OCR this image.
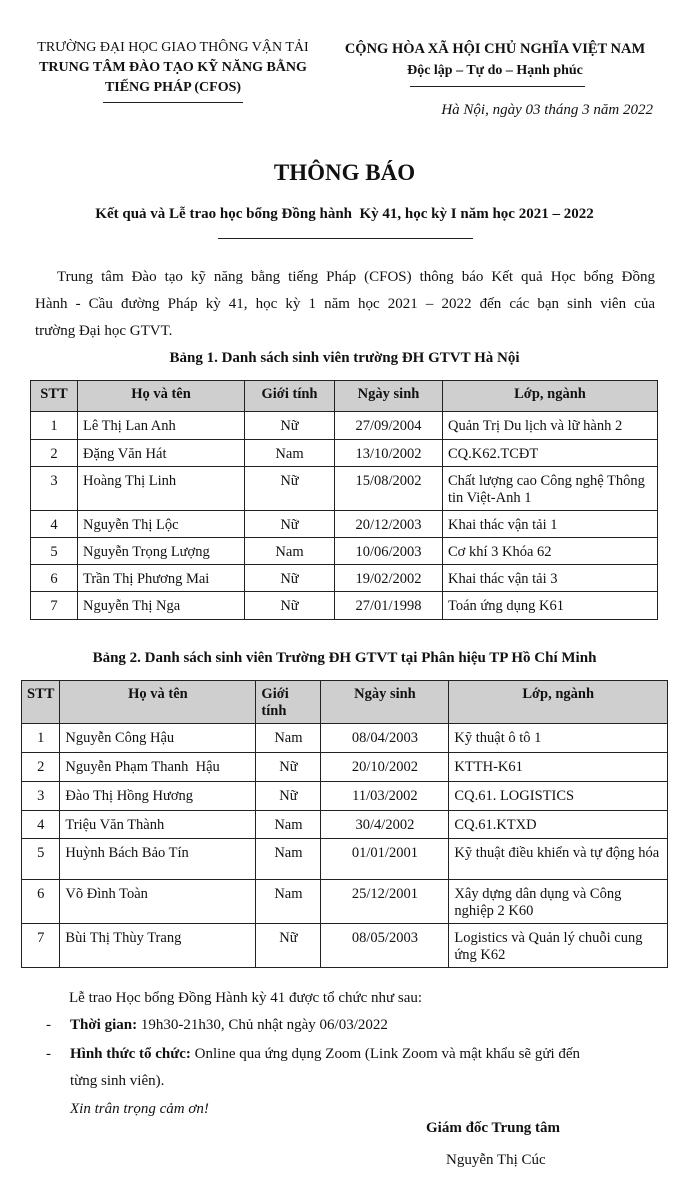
TRƯỜNG ĐẠI HỌC GIAO THÔNG VẬN TẢI
TRUNG TÂM ĐÀO TẠO KỸ NĂNG BẰNG
TIẾNG PHÁP (CFOS)
CỘNG HÒA XÃ HỘI CHỦ NGHĨA VIỆT NAM
Độc lập – Tự do – Hạnh phúc
Hà Nội, ngày 03 tháng 3 năm 2022
THÔNG BÁO
Kết quả và Lễ trao học bổng Đồng hành  Kỳ 41, học kỳ I năm học 2021 – 2022
Trung tâm Đào tạo kỹ năng bằng tiếng Pháp (CFOS) thông báo Kết quả Học bổng Đồng
Hành - Cầu đường Pháp kỳ 41, học kỳ 1 năm học 2021 – 2022 đến các bạn sinh viên của
trường Đại học GTVT.
Bảng 1. Danh sách sinh viên trường ĐH GTVT Hà Nội
STT	Họ và tên	Giới tính	Ngày sinh	Lớp, ngành
1	Lê Thị Lan Anh	Nữ	27/09/2004	Quản Trị Du lịch và lữ hành 2
2	Đặng Văn Hát	Nam	13/10/2002	CQ.K62.TCĐT
3	Hoàng Thị Linh	Nữ	15/08/2002	Chất lượng cao Công nghệ Thông tin Việt-Anh 1
4	Nguyễn Thị Lộc	Nữ	20/12/2003	Khai thác vận tải 1
5	Nguyễn Trọng Lượng	Nam	10/06/2003	Cơ khí 3 Khóa 62
6	Trần Thị Phương Mai	Nữ	19/02/2002	Khai thác vận tải 3
7	Nguyễn Thị Nga	Nữ	27/01/1998	Toán ứng dụng K61
Bảng 2. Danh sách sinh viên Trường ĐH GTVT tại Phân hiệu TP Hồ Chí Minh
STT	Họ và tên	Giới tính	Ngày sinh	Lớp, ngành
1	Nguyễn Công Hậu	Nam	08/04/2003	Kỹ thuật ô tô 1
2	Nguyễn Phạm Thanh  Hậu	Nữ	20/10/2002	KTTH-K61
3	Đào Thị Hồng Hương	Nữ	11/03/2002	CQ.61. LOGISTICS
4	Triệu Văn Thành	Nam	30/4/2002	CQ.61.KTXD
5	Huỳnh Bách Bảo Tín	Nam	01/01/2001	Kỹ thuật điều khiển và tự động hóa
6	Võ Đình Toàn	Nam	25/12/2001	Xây dựng dân dụng và Công nghiệp 2 K60
7	Bùi Thị Thùy Trang	Nữ	08/05/2003	Logistics và Quản lý chuỗi cung ứng K62
Lễ trao Học bổng Đồng Hành kỳ 41 được tổ chức như sau:
- Thời gian: 19h30-21h30, Chủ nhật ngày 06/03/2022
- Hình thức tổ chức: Online qua ứng dụng Zoom (Link Zoom và mật khẩu sẽ gửi đến
từng sinh viên).
Xin trân trọng cảm ơn!
Giám đốc Trung tâm
Nguyễn Thị Cúc
